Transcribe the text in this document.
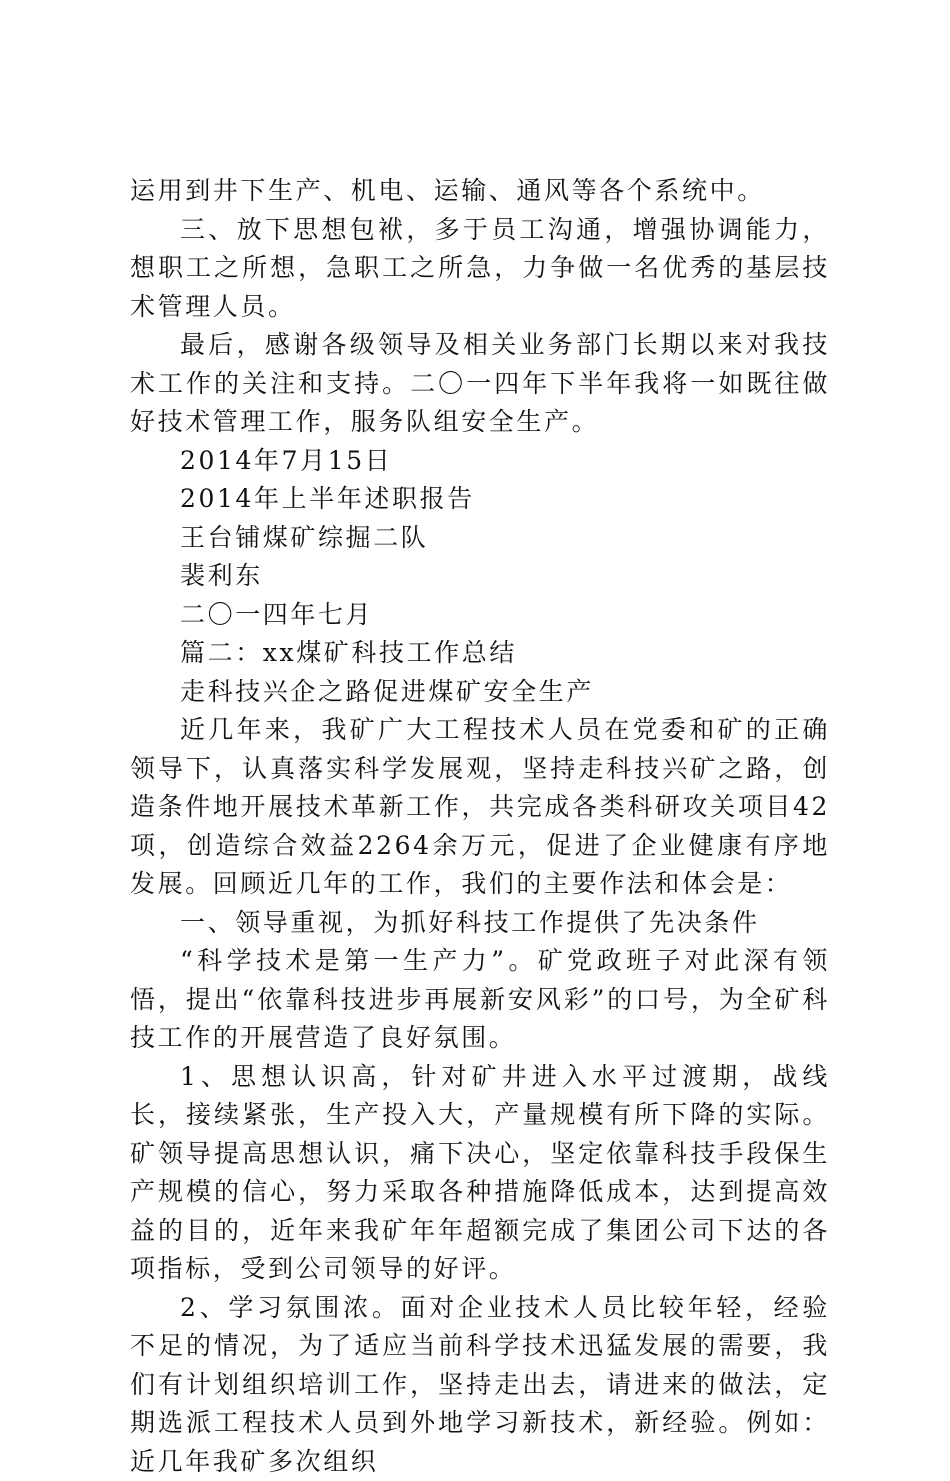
运用到井下生产、机电、运输、通风等各个系统中。

三、放下思想包袱，多于员工沟通，增强协调能力，想职工之所想，急职工之所急，力争做一名优秀的基层技术管理人员。

最后，感谢各级领导及相关业务部门长期以来对我技术工作的关注和支持。二〇一四年下半年我将一如既往做好技术管理工作，服务队组安全生产。

2014年7月15日

2014年上半年述职报告

王台铺煤矿综掘二队

裴利东

二〇一四年七月

篇二：xx煤矿科技工作总结

走科技兴企之路促进煤矿安全生产

近几年来，我矿广大工程技术人员在党委和矿的正确领导下，认真落实科学发展观，坚持走科技兴矿之路，创造条件地开展技术革新工作，共完成各类科研攻关项目42项，创造综合效益2264余万元，促进了企业健康有序地发展。回顾近几年的工作，我们的主要作法和体会是：

一、领导重视，为抓好科技工作提供了先决条件

“科学技术是第一生产力”。矿党政班子对此深有领悟，提出“依靠科技进步再展新安风彩”的口号，为全矿科技工作的开展营造了良好氛围。

1、思想认识高，针对矿井进入水平过渡期，战线长，接续紧张，生产投入大，产量规模有所下降的实际。矿领导提高思想认识，痛下决心，坚定依靠科技手段保生产规模的信心，努力采取各种措施降低成本，达到提高效益的目的，近年来我矿年年超额完成了集团公司下达的各项指标，受到公司领导的好评。

2、学习氛围浓。面对企业技术人员比较年轻，经验不足的情况，为了适应当前科学技术迅猛发展的需要，我们有计划组织培训工作，坚持走出去，请进来的做法，定期选派工程技术人员到外地学习新技术，新经验。例如：近几年我矿多次组织
